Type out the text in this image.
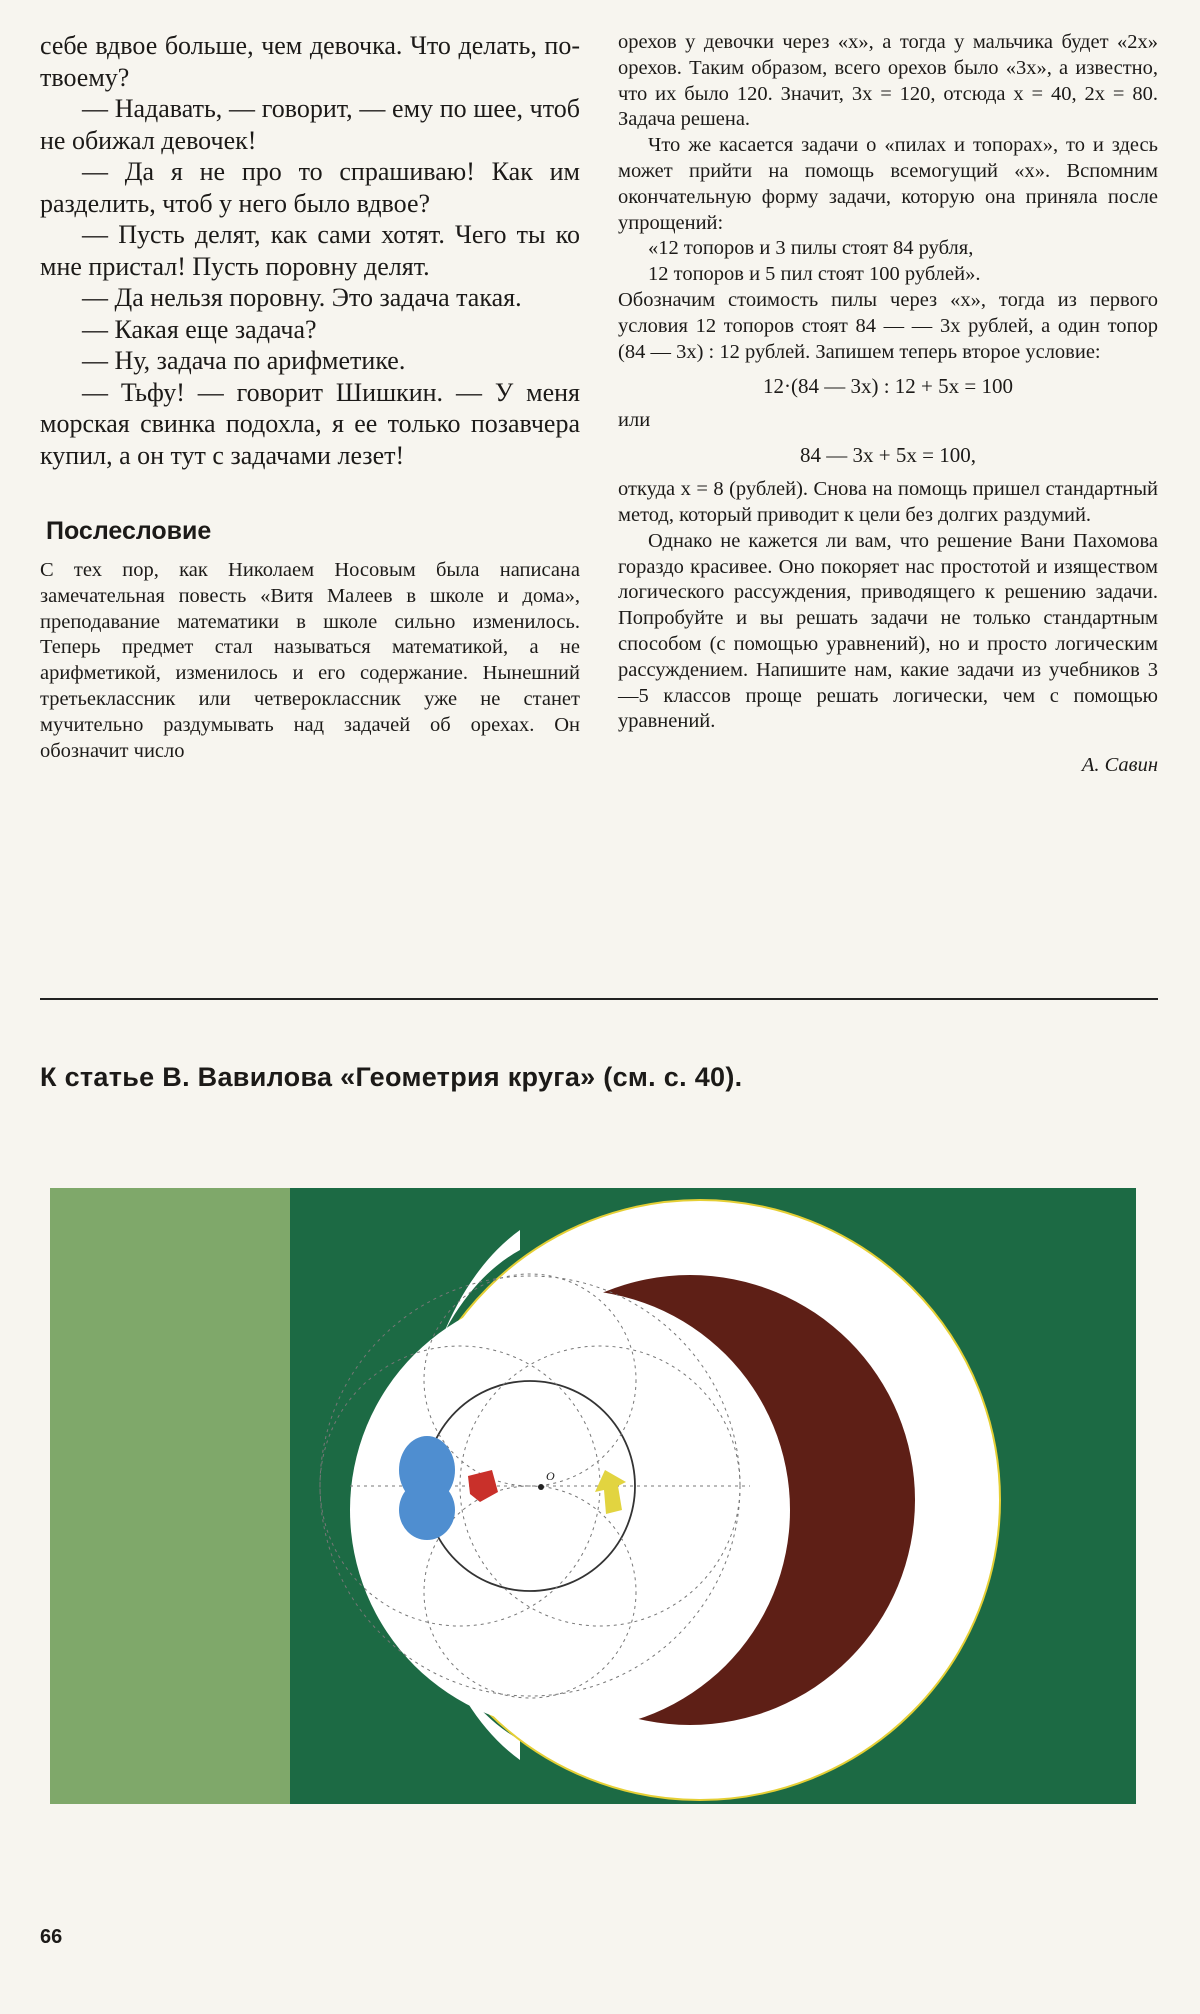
себе вдвое больше, чем девочка. Что делать, по-твоему?

— Надавать, — говорит, — ему по шее, чтоб не обижал девочек!

— Да я не про то спрашиваю! Как им разделить, чтоб у него было вдвое?

— Пусть делят, как сами хотят. Чего ты ко мне пристал! Пусть поровну делят.

— Да нельзя поровну. Это задача такая.

— Какая еще задача?

— Ну, задача по арифметике.

— Тьфу! — говорит Шишкин. — У меня морская свинка подохла, я ее только позавчера купил, а он тут с задачами лезет!

Послесловие

С тех пор, как Николаем Носовым была написана замечательная повесть «Витя Малеев в школе и дома», преподавание математики в школе сильно изменилось. Теперь предмет стал называться математикой, а не арифметикой, изменилось и его содержание. Нынешний третьеклассник или четвероклассник уже не станет мучительно раздумывать над задачей об орехах. Он обозначит число

орехов у девочки через «x», а тогда у мальчика будет «2x» орехов. Таким образом, всего орехов было «3x», а известно, что их было 120. Значит, 3x = 120, отсюда x = 40, 2x = 80. Задача решена.

Что же касается задачи о «пилах и топорах», то и здесь может прийти на помощь всемогущий «x». Вспомним окончательную форму задачи, которую она приняла после упрощений:

«12 топоров и 3 пилы стоят 84 рубля,

12 топоров и 5 пил стоят 100 рублей».

Обозначим стоимость пилы через «x», тогда из первого условия 12 топоров стоят 84 — — 3x рублей, а один топор (84 — 3x) : 12 рублей. Запишем теперь второе условие:

12·(84 — 3x) : 12 + 5x = 100

или

84 — 3x + 5x = 100,

откуда x = 8 (рублей). Снова на помощь пришел стандартный метод, который приводит к цели без долгих раздумий.

Однако не кажется ли вам, что решение Вани Пахомова гораздо красивее. Оно покоряет нас простотой и изяществом логического рассуждения, приводящего к решению задачи. Попробуйте и вы решать задачи не только стандартным способом (с помощью уравнений), но и просто логическим рассуждением. Напишите нам, какие задачи из учебников 3—5 классов проще решать логически, чем с помощью уравнений.

А. Савин
К статье В. Вавилова «Геометрия круга» (см. с. 40).
O
66
